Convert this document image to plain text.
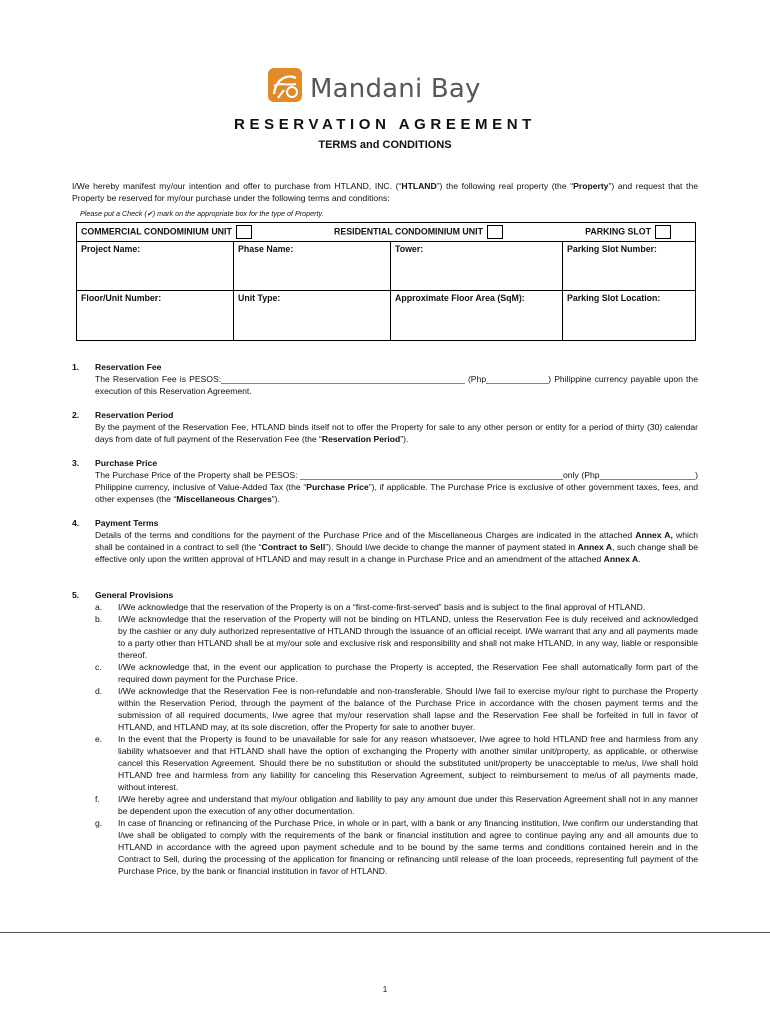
Mandani Bay
RESERVATION AGREEMENT
TERMS and CONDITIONS

I/We hereby manifest my/our intention and offer to purchase from HTLAND, INC. (“HTLAND”) the following real property (the “Property”) and request that the Property be reserved for my/our purchase under the following terms and conditions:

Please put a Check (✔) mark on the appropriate box for the type of Property.

COMMERCIAL CONDOMINIUM UNIT RESIDENTIAL CONDOMINIUM UNIT PARKING SLOT			

Project Name:	Phase Name:	Tower:	Parking Slot Number:
Floor/Unit Number:	Unit Type:	Approximate Floor Area (SqM):	Parking Slot Location:
1. Reservation Fee
The Reservation Fee is PESOS:___________________________________________________ (Php_____________) Philippine currency payable upon the execution of this Reservation Agreement.
2. Reservation Period
By the payment of the Reservation Fee, HTLAND binds itself not to offer the Property for sale to any other person or entity for a period of thirty (30) calendar days from date of full payment of the Reservation Fee (the “Reservation Period”).
3. Purchase Price
The Purchase Price of the Property shall be PESOS: _______________________________________________________only (Php____________________) Philippine currency, inclusive of Value-Added Tax (the “Purchase Price”), if applicable. The Purchase Price is exclusive of other government taxes, fees, and other expenses (the “Miscellaneous Charges”).
4. Payment Terms
Details of the terms and conditions for the payment of the Purchase Price and of the Miscellaneous Charges are indicated in the attached Annex A, which shall be contained in a contract to sell (the “Contract to Sell”). Should I/we decide to change the manner of payment stated in Annex A, such change shall be effective only upon the written approval of HTLAND and may result in a change in Purchase Price and an amendment of the attached Annex A.
5. General Provisions
a. I/We acknowledge that the reservation of the Property is on a “first-come-first-served” basis and is subject to the final approval of HTLAND.
b. I/We acknowledge that the reservation of the Property will not be binding on HTLAND, unless the Reservation Fee is duly received and acknowledged by the cashier or any duly authorized representative of HTLAND through the issuance of an official receipt. I/We warrant that any and all payments made to a party other than HTLAND shall be at my/our sole and exclusive risk and responsibility and shall not make HTLAND, in any way, liable or responsible thereof.
c. I/We acknowledge that, in the event our application to purchase the Property is accepted, the Reservation Fee shall automatically form part of the required down payment for the Purchase Price.
d. I/We acknowledge that the Reservation Fee is non-refundable and non-transferable. Should I/we fail to exercise my/our right to purchase the Property within the Reservation Period, through the payment of the balance of the Purchase Price in accordance with the chosen payment terms and the submission of all required documents, I/we agree that my/our reservation shall lapse and the Reservation Fee shall be forfeited in full in favor of HTLAND, and HTLAND may, at its sole discretion, offer the Property for sale to another buyer.
e. In the event that the Property is found to be unavailable for sale for any reason whatsoever, I/we agree to hold HTLAND free and harmless from any liability whatsoever and that HTLAND shall have the option of exchanging the Property with another similar unit/property, as applicable, or otherwise cancel this Reservation Agreement. Should there be no substitution or should the substituted unit/property be unacceptable to me/us, I/we shall hold HTLAND free and harmless from any liability for canceling this Reservation Agreement, subject to reimbursement to me/us of all payments made, without interest.
f. I/We hereby agree and understand that my/our obligation and liability to pay any amount due under this Reservation Agreement shall not in any manner be dependent upon the execution of any other documentation.
g. In case of financing or refinancing of the Purchase Price, in whole or in part, with a bank or any financing institution, I/we confirm our understanding that I/we shall be obligated to comply with the requirements of the bank or financial institution and agree to continue paying any and all amounts due to HTLAND in accordance with the agreed upon payment schedule and to be bound by the same terms and conditions contained herein and in the Contract to Sell, during the processing of the application for financing or refinancing until release of the loan proceeds, representing full payment of the Purchase Price, by the bank or financial institution in favor of HTLAND.
1
